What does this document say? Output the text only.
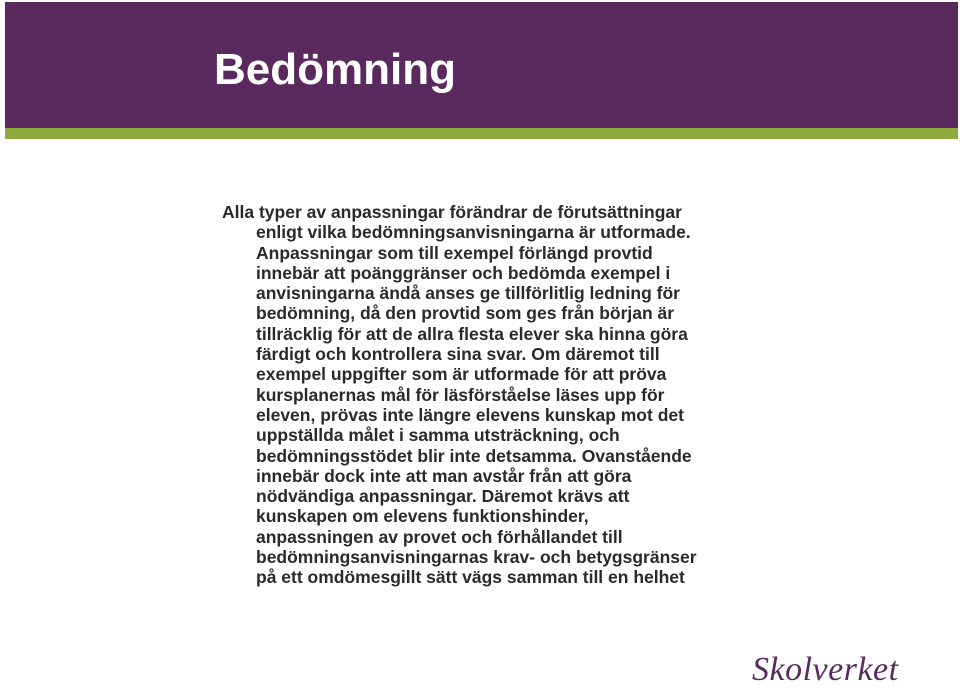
Bedömning
Alla typer av anpassningar förändrar de förutsättningar
enligt vilka bedömningsanvisningarna är utformade.
Anpassningar som till exempel förlängd provtid
innebär att poänggränser och bedömda exempel i
anvisningarna ändå anses ge tillförlitlig ledning för
bedömning, då den provtid som ges från början är
tillräcklig för att de allra flesta elever ska hinna göra
färdigt och kontrollera sina svar. Om däremot till
exempel uppgifter som är utformade för att pröva
kursplanernas mål för läsförståelse läses upp för
eleven, prövas inte längre elevens kunskap mot det
uppställda målet i samma utsträckning, och
bedömningsstödet blir inte detsamma. Ovanstående
innebär dock inte att man avstår från att göra
nödvändiga anpassningar. Däremot krävs att
kunskapen om elevens funktionshinder,
anpassningen av provet och förhållandet till
bedömningsanvisningarnas krav- och betygsgränser
på ett omdömesgillt sätt vägs samman till en helhet
Skolverket
